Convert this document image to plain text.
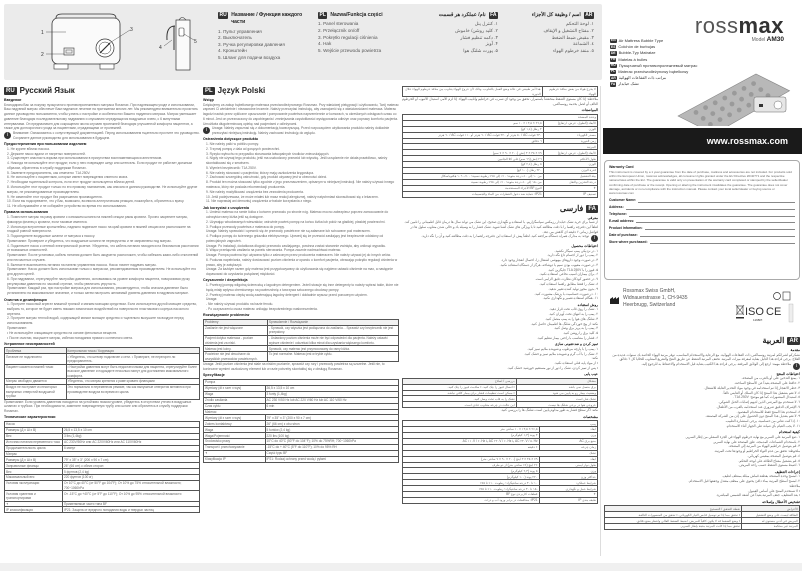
1
2
3
4
5
RU Название / Функция каждого части
1. Пульт управления
2. Выключатель
3. Ручка регулировки давления
4. Кронштейн
5. Шланг для подачи воздуха
PL Nazwa/Funkcja części
1. Panel sterowania
2. Przełącznik on/off
3. Pokrętło regulacji ciśnienia
4. Hak
5. Wejście przewodu powietrza
FA
نام/ عملکرد هر قسمت
۱. کنترل پنل
۲. کلید روشن/ خاموش
۳. دکمه تنظیم فشار
۴. آویز
۵. پورت شلنگ هوا
AR
اسم / وظيفة كل الأجزاء
١. لوحة التحكم
٢. مفتاح التشغيل و الإيقاف
٣. مقبض ضبط الضغط
٤. الشماعة
٥. منفذ خرطوم الهواء
RU Русский Язык
Введение
Благодарим Вас за покупку пузырчатого противопролежневого матраса Rossmax. При надлежащем уходе и использовании, Ваш надувной матрас обеспечит Вам надежное лечение на протяжении многих лет. Мы рекомендуем внимательно прочитать данное руководство пользователя, чтобы узнать о настройке и особенностях Вашего надувного матраса. Матрас уменьшает давление благодаря последовательному надуванию и спусканию чередующихся воздушных ячеек, с 6 минутными интервалами. Он предназначен для сокращения числа случаев пролежней благодаря улучшенной комфорта пациентов, а также для долгосрочного ухода за пациентами, страдающими от пролежней.
i	Внимание: Ознакомьтесь с сопутствующей документацией. Перед использованием тщательно прочтите это руководство. Сохраните данное руководство для использования в будущем.
Предостережения при пользовании изделием
1. Не курите вблизи насоса.
2. Держите насос вдали от нагретых поверхностей.
3. Существует опасность взрыва при использовании в присутствии воспламеняющихся анестетиков.
4. Никогда не используйте этот продукт, если у него поврежден шнур или штепсель. Если продукт не работает должным образом, обратитесь в службу поддержки Rossmax.
5. Замените предохранитель, как отмечено: T1A 250V.
6. Не используйте с пациентами, которые имеют повреждения спинного мозга.
7. Необходим тщательный контроль, если этот продукт используется вблизи детей.
8. Используйте этот продукт только по его прямому назначению, как описано в данном руководстве. Не используйте другие матрас, не рекомендованные производителем.
9. Не изменяйте этот продукт без разрешения производителя.
10. Если вы подозреваете, что у Вас, возможно, возникла аллергическая реакция, пожалуйста, обратитесь к врачу.
11. Не обслуживайте и не собирайте устройство во время его использования.
Правила использования
1. Поместите матрас на раму кровати с изножьем шланга на нижней секции рамы кровати. Прочно закрепите матрас, фиксируя фланец к кровати, если таковые имеются.
2. Используя встроенные кронштейны, надежно подвесьте насос на край кровати в нижней секции или расположите на гладкой ровной поверхности.
3. Подсоедините воздушные шланги от матраса к насосу.
Примечание: Проверьте и убедитесь, что воздушные шланги не перекручены и не заправлены под матрас.
4. Подключите насос к сетевой электрической розетке. Убедитесь, что кабель питания находится на безопасном расстоянии от возможных опасностей.
Примечание: После установки, кабель питания должен быть аккуратно расположен, чтобы избежать каких-либо отклонений или несчастных случаев.
5. Включите выключатель питания на панели управления насоса. Насос начнет надувать матрас.
Примечание: Насос должен быть использован только с матрасом, рекомендованным производителем. Не используйте его для других целей.
6. При надувании, отрегулируйте настройки давления, основываясь на уровне комфорта пациента, поворачивая ручку регулировки давления по часовой стрелке, чтобы увеличить упругость.
Примечание: Каждый раз, при настройке матраса для использования, рекомендуется, чтобы сначала давление было установлено на максимальное значение, и только затем настроить желаемый уровень давления в надувном матрасе.
Очистка и дезинфекция
1. Протрите насосный агрегат влажной тряпкой и мягким моющим средством. Если используется другой моющее средство, выбрать то, которое не будет иметь никаких химических воздействий на поверхности пластикового корпуса насосного агрегата.
2. Протрите матрас теплой водой, содержащей мягкое моющее средство и тщательно высушите на воздухе перед использованием.
Примечание:
• Не используйте очищающее средство на основе фенольных веществ.
• После очистки, высушите матрас, избегая попадания прямого солнечного света.
Устранение неисправностей
Проблема	Контрольная точка / Коррекция
Питание не подключено	• Убедитесь, что штекер подключен к сети. • Проверьте, не перегорел ли предохранитель.
Пациент касается нижней точки	• Настройки давления могут быть недостаточными для пациента, отрегулируйте более высокое давление и подождите несколько минут для достижения максимального комфорта.
Матрас свободно движется	Убедитесь, что матрас крепится к раме кровати фланцами
Воздух не поступает из некоторых выпускных отверстий воздушной трубки	Это нормально в переменном режиме, так как выпускные отверстия меняются при производстве воздуха во время их цикла.
Примечание: Если уровень давления находится на устойчиво низком уровне, убедитесь в отсутствии утечек в воздушных шлангах и трубках. При необходимости, замените поврежденную трубу или шланг или обратитесь в службу поддержки Rossmax.
Технические характеристики
Насос	
Размеры (Д x Ш x В)	26,5 x 13,5 x 10 cm
Вес	3 lbs (1,4kg)
Источник питания переменного тока	AC 230V/50Hz или AC 220V/60Hz или AC 110V/60Hz
Продолжительность цикла	6 минут
Матрас	
Размеры (Д x Ш x В)	79" x 35" x 3" (200 x 90 x 7 cm)
Заправочные фланцы	26" (66 cm) с обеих сторон
Вес	5 фунтов (2,4 kg)
Максимальный вес	220 фунтов (100 кг)
Условия эксплуатации	От 10°C до 40°C (от 50°F до 104°F); От 10% до 75% относительной влажности; 700~1060hPa
Условия хранения и транспортировки	От -15°C до +40°C (от 5°F до 110°F); От 10% до 95% относительной влажности
✝	Применяемые части типа BF
IP классификация	IP21: Защита от вредного попадания воды и твердых частиц
PL Język Polski
Wstęp
Dziękujemy za zakup bąbelkowego materaca przeciwodleżynowego Rossmax. Przy właściwej pielęgnacji i użytkowaniu, Twój materac zapewni Ci wieloletnie i niezawodne leczenie. Należy przeczytać instrukcję, aby zaznajomić się z właściwościami materaca. Materac łagodzi nacisk przez cykliczne opuszczanie i pompowanie powietrza naprzemiennie w komorach, w określonych odstępach czasu co 6 minut. Jest on przeznaczony do zapobiegania i zmniejszania częstotliwości występowania odleżyn oraz poprawy komfortu pacjenta. Umożliwia długoterminową opiekę nad pacjentami z odleżynami.
i	Uwaga: Należy zapoznać się z dokumentacją towarzyszącą. Przed rozpoczęciem użytkowania produktu należy dokładnie przeczytać niniejszą instrukcję. Należy zachować instrukcję do wglądu.
Ostrzeżenia dotyczące produktu
1. Nie należy palić w pobliżu pompy.
2. Trzymaj pompę z dala od gorących powierzchni.
3. Ryzyko wybuchu w przypadku stosowania łatwopalnych środków znieczulających.
4. Nigdy nie używaj tego produktu, jeśli ma uszkodzony przewód lub wtyczkę. Jeśli urządzenie nie działa prawidłowo, należy skontaktować się z serwisem.
5. Wymień bezpiecznik: T1A 250V.
6. Nie należy stosować u pacjentów, którzy mają uszkodzenia kręgosłupa.
7. Zachować szczególną ostrożność, gdy produkt używany jest w obecności dzieci.
8. Produkt ten można stosować tylko zgodnie z jego przeznaczeniem, opisanym w niniejszej instrukcji. Nie należy używać innego materaca, który nie posiada rekomendacji producenta.
9. Nie należy modyfikować urządzenia bez zezwolenia producenta.
10. Jeśli podejrzewasz, że może miałeś lub masz reakcji alergicznej, należy natychmiast skonsultować się z lekarzem.
11. Nie naprawiaj ani demontuj urządzenia w trakcie korzystania z niego.
Jak korzystać z urządzenia
1. Umieść materac na ramie łóżka z końcem przewodu po stronie nóg. Materac mocno zabezpiecz poprzez zamocowanie do uchwytów ramy łóżka jeśli są dostępne.
2. Używając wbudowanych wieszaków, ostrożnie powieś pompę na końcu łóżka lub połóż na gładkiej, płaskiej powierzchni.
3. Podłącz przewody powietrza z materaca do pompy.
Uwaga: Należy sprawdzić i upewnić się że przewody powietrzne nie są załamane lub schowane pod materacem.
4. Podłącz pompę do ściennego gniazdka elektrycznego. Upewnij się że przewód zasilający jest bezpiecznie oddalony od potencjalnych zagrożeń.
Uwaga: Po instalacji, dodatkowa długość przewodu zasilającego, powinna zostać starannie zwinięta, aby uniknąć wypadku.
5. Włącz przełącznik zasilania na panelu sterowania. Pompa zacznie nadmuchiwać materac.
Uwaga: Pompa powinna być używana tylko z zaleconym przez producenta materacem. Nie należy używać jej do innych celów.
6. Podczas napełniania, należy dostosować poziom ciśnienia w oparciu o komfort pacjenta, obracając pokrętło regulacji ciśnienia w prawo, aby je zwiększyć.
Uwaga: Za każdym razem gdy materac jest przygotowywany do użytkowania się najpierw ustawić ciśnienie na max, a następnie dopasować do uzyskania pożądanej miękkości.
Czyszczenie i dezynfekcja
1. Przetrzyj pompę wilgotną ściereczką z łagodnym detergentem. Jeżeli stosuje się inne detergenty to należy wybrać takie, które nie będą miały wpływu chemicznego na powierzchnię z tworzywa sztucznego obudowy pompy.
2. Przetrzyj materac ciepłą wodą zawierającą łagodny detergent i dokładnie wysusz przed ponownym użyciem.
Uwaga:
- Nie należy używać produktu na bazie fenolu.
- Po oczyszczeniu osusz materac unikając bezpośredniego nasłonecznienia.
Rozwiązywanie problemów
Problemy	Sprawdzenie / Rozwiązanie
Zasilanie nie jest włączone	- Sprawdź, czy wtyczka jest podłączona do zasilania. - Sprawdź czy bezpiecznik nie jest przepalony.
Pacjent dotyka materaca - poziom ciśnienia jest za niski.	- Ustawiony poziom ciśnienia może nie być odpowiedni dla pacjenta. Należy ustawić wyższe ciśnienie i odczekać kilka minut dla uzyskania większego komfortu.
Materac jest luźny.	Sprawdź, czy materac jest przymocowany do ramy łóżka.
Powietrze nie jest dmuchane do wszystkich przewodów powietrznych.	To jest normalne. Materac jest w trybie cyklu.
Uwaga: Jeśli poziom ciśnienia jest stale na niskim poziomie, sprawdź czy rury i przewody powietrza są szczelne. Jeśli nie, to konieczne wymień uszkodzony element lub w razie potrzeby skontaktuj się z obsługą Rossmax.
Specyfikacje
Pompa	
Wymiary (dł x szer x wys)	26,5 x 13,5 x 10 cm
Waga	3 funty (1,4kg)
Źródło zasilania	AC 230 V/50 Hz lub AC 220 V/60 Hz lub AC 110 V/60 Hz
Czas cyklu	6 min
Materac	
Wymiary (dł x szer x wys)	79" x 35" x 3" (200 x 90 x 7 cm)
Zakres kontaktowy	26" (66 cm) z obu stron
Waga	5 funtów (2,4 kg)
Waga/Pojemność	220 lbs (100 kg)
Środowisko pracy	10°C do 40°C (50°F do 104°F); 10% do 75%RH; 700~1060hPa
Transport i przechowywanie	-15°C do + 40°C (5°F do 110°F); 10% do 95% RH
✝	Część typu BF
Klasyfikacja IP	IP21: Rodzaj ochrony przed wodą i pyłami
لا يخرج هواء من بعض منافذ خرطوم الهواء	هذا أمر طبيعي في حالة وضع العمل بالتناوب، وذلك لأن خروج الهواء يتناوب بين منافذ خرطوم الهواء خلال الدورة
ملاحظة: إذا كان مستوى الضغط منخفضاً باستمرار، تحقق من وجود أي تسرب في خراطيم وأنابيب الهواء. إذا لزم الأمر، استبدل الأنبوب أو الخرطوم التالف أو اتصل بخدمة روسماكس.
المواصفات
وحدة المضخة	
الأبعاد (الطول، عرض، ارتفاع)	٢٦,٥ × ١٣,٥ × ١٠ سم
الوزن	٣ رطل (١,٤ كغ)
مصدر الكهرباء	٢٣٠ فولت AC / ٥٠ هرتز أو ٢٢٠ فولت AC / ٦٠ هرتز أو ١١٠ فولت AC / ٦٠ هرتز
زمن الدورة	٦ دقائق
المرتبة	
الأبعاد (الطول، عرض، ارتفاع)	٧٩ × ٣٥ × ٣ إنش (٢٠٠ × ٩٠ × ٧ سم)
طول الأحلام	٢٦ إنش (٦٦ سم) على كلا الجانبين
الوزن	٥ رطل (٢,٤ كغ)
قدرة الوزن	٢٢٠ رطل (١٠٠ كغ)
بيئة التشغيل	من ١٠ إلى ٤٠ درجة مئوية؛ ١٠٪ إلى ٧٥٪ رطوبة نسبية؛ ٧٠٠-١٠٦٠ هكتوباسكال
درجة التخزين والنقل	من -١٥ إلى ٤٠ درجة مئوية؛ ١٠٪ إلى ٩٥٪ رطوبة نسبية
✝	النوع BF الأجزاء المستخدمة
تصنيف IP	IP21: حماية ضد دخول القطرات من الماء والجسيمات
FA
فارسی
معرفی
از شما برای خرید تشک حبابدار رزمکس سپاسگزاریم. با استفاده و نگهداری صحیح، این تشک می تواند سال ها درمان قابل اطمینانی را تامین کند. لطفاً این دفترچه راهنما را با دقت مطالعه کنید تا با ویژگی های تشک آشنا شوید. تشک فشار را به وسیله باد و خالی شدن متناوب سلول ها در فواصل زمانی ۶ دقیقه ای کاهش می دهد.
i
توجه: به مدارک همراه دستگاه مراجعه کنید. لطفاً پیش از استفاده این دفترچه راهنما را به دقت مطالعه کنید و آن را نگه دارید.
احتیاطات محصول
۱. در نزدیکی پمپ سیگار نکشید.
۲. پمپ را دور از اجسام داغ نگه دارید.
۳. در صورت وجود داروهای بیهوشی اشتعال زا، احتمال انفجار وجود دارد.
۴. در صورت معیوب بودن سیم یا دوشاخه، هرگز از دستگاه استفاده نکنید.
۵. فیوز را با T1A 250V جایگزین کنید.
۶. برای بیماران آسیب نخاعی استفاده نکنید.
۷. در حضور کودکان نظارت دقیق الزامی است.
۸. تشک را فقط مطابق راهنما استفاده کنید.
۹. بدون مجوز تولید کننده تغییر ندهید.
۱۰. در صورت حساسیت با پزشک مشورت کنید.
۱۱. هنگام استفاده تعمیر و نگهداری نکنید.
روش استفاده
۱. تشک را روی قاب تخت قرار دهید.
۲. پمپ را به انتهای تخت آویزان کنید.
۳. شلنگ های هوا را به پمپ متصل کنید.
نکته: از پیچ خوردگی شلنگ ها اطمینان حاصل کنید.
۴. پمپ را به پریز برق وصل کنید.
۵. کلید برق را روشن کنید.
۶. فشار را متناسب با راحتی بیمار تنظیم کنید.
تمیز کردن و ضدعفونی سازی
۱. پمپ را با پارچه مرطوب و شوینده ملایم تمیز کنید.
۲. تشک را با آب گرم و شوینده ملایم تمیز و خشک کنید.
نکته:
• از مواد پایه فنلی استفاده نکنید.
• پس از تمیز کردن، تشک را دور از نور مستقیم خورشید خشک کنید.
عیب یابی
مشکل	بررسی / اصلاح
برق متصل نمی باشد	• اتصال فیوز را چک کنید. • سلامت فیوز را چک کنید.
وضعیت بیمار رو به پایین می شود	• ممکن است تنظیمات فشار برای بیمار کافی نباشد.
تشک شل است	تشک را به قاب تخت وصل کنید.
خروجی هوا در برخی شلنگ ها نیست	این حالت در چرخه متناوب عادی است.
نکته: اگر سطح فشار به طور مداوم پایین است، شلنگ ها را بررسی کنید.
مشخصات
پمپ	
ابعاد	۲۶,۵ × ۱۳,۵ × ۱۰ سانتی متر
وزن	۳ پوند (۱,۴ کیلوگرم)
منبع برق AC	AC ۲۳۰V / ۵۰Hz یا AC ۲۲۰V / ۶۰Hz یا AC ۱۱۰V / ۶۰Hz
زمان چرخه	۶ دقیقه
تشک	
ابعاد	۷۹ × ۳۵ × ۳ اینچ (۲۰۰ × ۹۰ × ۷ سانتی متر)
طول نوار ایمنی	۲۶ اینچ (۶۶ سانتی متر) از دو طرف
وزن	۵ پوند (۲,۴ کیلوگرم)
حداکثر وزن	۲۲۰ پوند (۱۰۰ کیلوگرم)
شرایط عملکرد	۱۰ تا ۴۰ درجه سانتیگراد؛ رطوبت ۱۰٪ تا ۷۵٪
شرایط حمل و نگهداری	-۱۵ تا ۴۰ درجه سانتیگراد؛ رطوبت ۱۰٪ تا ۹۵٪
✝	قطعات کاربردی نوع BF
طبقه بندی IP	IP21: محافظت در برابر ورود آب و ذرات
rossmax
Model AM30
EN Air Mattress Bubble Type
ES Colchón de burbujas
DE Bubble-Typ Matratze
FR Matelas à bulles
RU Пузырчатый противопролежневый матрас
PL Materac przeciwodleżynowy bąbelkowy
AR مراتب ذات الفقاعات الهوائية
FA تشک حبابدار
www.rossmax.com
Warranty Card
This instrument is covered by a 1 year guarantee from the date of purchase, mattress and accessories are not included. For products sold within the European Union, rossmax acknowledges, all consumer rights granted under the EU Directive 2019/771 and the respective national laws within the EU. The guarantee is valid only on presentation of the warranty card completed or stamped by the seller/dealer confirming date of purchase or the receipt. Opening or altering the instrument invalidates the guarantee. The guarantee does not cover damage, accidents or non-compliance with the instruction manual. Please contact your local seller/dealer or buying source or www.rossmax.com
Customer Name:
Address:
Telephone:
E-mail address:
Product Information:
Date of purchase:
Store where purchased:
Rossmax Swiss GmbH,
Widnauerstrasse 1, CH-9435
Heerbrugg, Switzerland
ISO CE
1168PI
AR
العربية
مقدمة
نشكركم لشرائكم لمرتبة روسماكس ذات الفقاعات الهوائية. مع الرعاية والاستخدام المناسب، توفر مرتبة الهواء الخاصة بك سنوات عديدة من العلاج. يرجى قراءة هذا الدليل بعناية لمعرفة ميزات المرتبة. تخفف المرتبة الضغط عن طريق النفخ والتفريغ المتناوب للخلايا كل ٦ دقائق.
i
ملاحظة مهمة: ارجع إلى الوثائق المرفقة. يرجى قراءة هذا الكتيب بعناية قبل الاستخدام والاحتفاظ به للرجوع إليه.
احتياطات المنتج
١. يمنع التدخين على أو بالقرب من المضخة.
٢. حافظ على المضخة بعيداً عن الأسطح الساخنة.
٣. خطر الانفجار إذا تم استخدامه في وجود مواد التخدير القابلة للاشتعال.
٤. لا تقم بتشغيل هذا المنتج إذا كان السلك أو القابس تالفاً.
٥. استبدال المنصهرات كما هو موضح: T1A 250V.
٦. لا تستخدم مع المرضى الذين لديهم إصابات الحبل الشوكي.
٧. الإشراف الدقيق ضروري عند استخدامه بالقرب من الأطفال.
٨. استخدم هذا المنتج فقط للاستخدام المقصود.
٩. لا تقم بتعديل هذا المنتج دون الحصول على إذن من الشركة المصنعة.
١٠. إذا كنت تعاني من حساسية، يرجى استشارة الطبيب.
١١. لا يجب القيام بأي صيانة على الجهاز أثناء الاستخدام.
كيفية استخدام
١. ضع المرتبة على السرير مع نهاية خرطوم الهواء في الجزء السفلي من إطار السرير.
٢. باستخدام الشماعات المدمجة، علق المضخة على نهاية السرير.
٣. قم بتوصيل خراطيم الهواء من المرتبة إلى المضخة.
ملحوظة: تحقق من عدم التواء الخراطيم أو وجودها تحت المرتبة.
٤. قم بتوصيل المضخة بمقبس كهربائي.
٥. قم بتشغيل مفتاح الطاقة على لوحة التحكم.
٦. اضبط مستوى الضغط حسب راحة المريض.
إجراءات التنظيف
١. امسح وحدة المضخة بقطعة قماش مبللة بمنظف لطيف.
٢. امسح أسطح المرتبة بماء دافئ يحتوي على منظف معتدل وجففها قبل الاستخدام.
ملاحظة:
• لا تستخدم المنتج على أساس الفينول.
• بعد التنظيف، جفف المرتبة بعيداً عن أشعة الشمس المباشرة.
تشخيص الأعطال وإصلاحه
الأعراض	نقطة التحقق / التصحيح
الطاقة ليست على وضع التشغيل	• تحقق مما إذا تم توصيل قابس التيار الكهربائي. • تحقق من المنصهرات التالفة.
المريض في أدنى مستوى له	• وضع الضغط قد لا يكون كافياً للمريض. اضبط الضغط العالي وانتظر بضع دقائق.
المرتبة غير محكمة	تحقق مما إذا كانت المرتبة مثبتة بإطار السرير.
